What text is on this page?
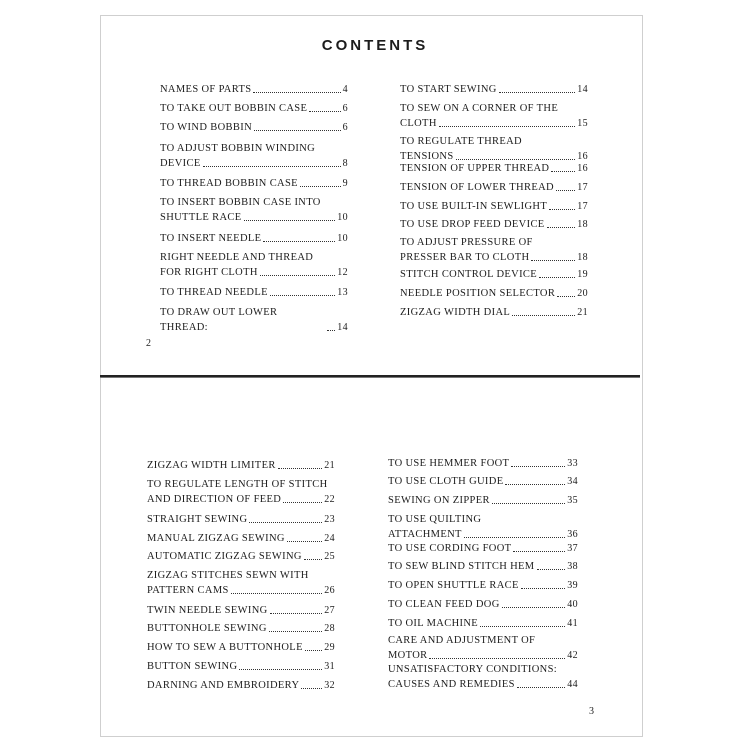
CONTENTS
NAMES OF PARTS	4
TO TAKE OUT BOBBIN CASE	6
TO WIND BOBBIN	6
TO ADJUST BOBBIN WINDING
DEVICE	8
TO THREAD BOBBIN CASE	9
TO INSERT BOBBIN CASE INTO
SHUTTLE RACE	10
TO INSERT NEEDLE	10
RIGHT NEEDLE AND THREAD
FOR RIGHT CLOTH	12
TO THREAD NEEDLE	13
TO DRAW OUT LOWER THREAD:	14
TO START SEWING	14
TO SEW ON A CORNER OF THE
CLOTH	15
TO REGULATE THREAD
TENSIONS	16
TENSION OF UPPER THREAD	16
TENSION OF LOWER THREAD 17
TO USE BUILT-IN SEWLIGHT	17
TO USE DROP FEED DEVICE	18
TO ADJUST PRESSURE OF
PRESSER BAR TO CLOTH	18
STITCH CONTROL DEVICE	19
NEEDLE POSITION SELECTOR 20
ZIGZAG WIDTH DIAL	21
2
ZIGZAG WIDTH LIMITER	21
TO REGULATE LENGTH OF STITCH
AND DIRECTION OF FEED	22
STRAIGHT SEWING	23
MANUAL ZIGZAG SEWING	24
AUTOMATIC ZIGZAG SEWING 25
ZIGZAG STITCHES SEWN WITH
PATTERN CAMS	26
TWIN NEEDLE SEWING	27
BUTTONHOLE SEWING	28
HOW TO SEW A BUTTONHOLE 29
BUTTON SEWING	31
DARNING AND EMBROIDERY 32
TO USE HEMMER FOOT	33
TO USE CLOTH GUIDE	34
SEWING ON ZIPPER	35
TO USE QUILTING
ATTACHMENT	36
TO USE CORDING FOOT	37
TO SEW BLIND STITCH HEM	38
TO OPEN SHUTTLE RACE	39
TO CLEAN FEED DOG	40
TO OIL MACHINE	41
CARE AND ADJUSTMENT OF
MOTOR	42
UNSATISFACTORY CONDITIONS:
CAUSES AND REMEDIES	44
3
